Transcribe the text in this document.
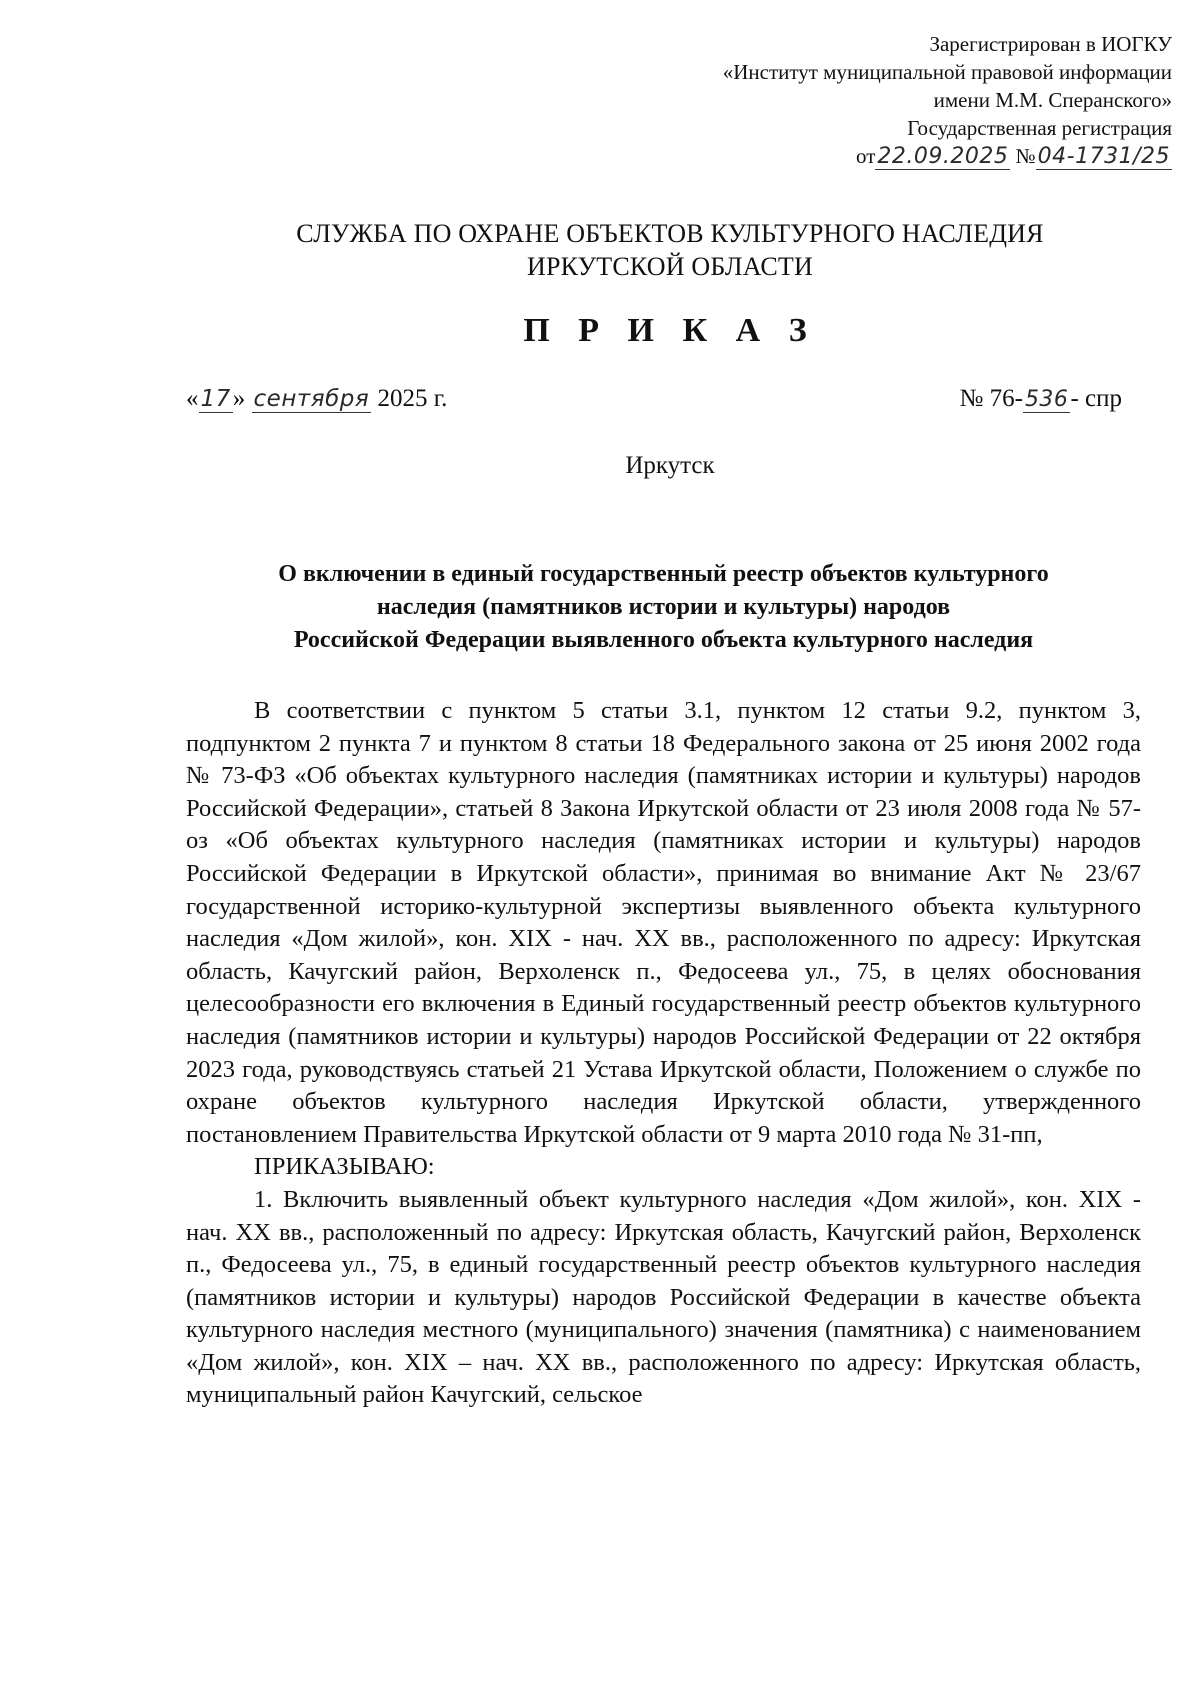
Зарегистрирован в ИОГКУ
«Институт муниципальной правовой информации
имени М.М. Сперанского»
Государственная регистрация
от22.09.2025 №04-1731/25
СЛУЖБА ПО ОХРАНЕ ОБЪЕКТОВ КУЛЬТУРНОГО НАСЛЕДИЯ
ИРКУТСКОЙ ОБЛАСТИ
П Р И К А З
«17» сентября 2025 г.	№ 76-536- спр
Иркутск
О включении в единый государственный реестр объектов культурного
наследия (памятников истории и культуры) народов
Российской Федерации выявленного объекта культурного наследия

В соответствии с пунктом 5 статьи 3.1, пунктом 12 статьи 9.2, пунктом 3, подпунктом 2 пункта 7 и пунктом 8 статьи 18 Федерального закона от 25 июня 2002 года № 73-ФЗ «Об объектах культурного наследия (памятниках истории и культуры) народов Российской Федерации», статьей 8 Закона Иркутской области от 23 июля 2008 года № 57-оз «Об объектах культурного наследия (памятниках истории и культуры) народов Российской Федерации в Иркутской области», принимая во внимание Акт № 23/67 государственной историко-культурной экспертизы выявленного объекта культурного наследия «Дом жилой», кон. XIX - нач. XX вв., расположенного по адресу: Иркутская область, Качугский район, Верхоленск п., Федосеева ул., 75, в целях обоснования целесообразности его включения в Единый государственный реестр объектов культурного наследия (памятников истории и культуры) народов Российской Федерации от 22 октября 2023 года, руководствуясь статьей 21 Устава Иркутской области, Положением о службе по охране объектов культурного наследия Иркутской области, утвержденного постановлением Правительства Иркутской области от 9 марта 2010 года № 31-пп,

ПРИКАЗЫВАЮ:

1. Включить выявленный объект культурного наследия «Дом жилой», кон. XIX - нач. XX вв., расположенный по адресу: Иркутская область, Качугский район, Верхоленск п., Федосеева ул., 75, в единый государственный реестр объектов культурного наследия (памятников истории и культуры) народов Российской Федерации в качестве объекта культурного наследия местного (муниципального) значения (памятника) с наименованием «Дом жилой», кон. XIX – нач. XX вв., расположенного по адресу: Иркутская область, муниципальный район Качугский, сельское
